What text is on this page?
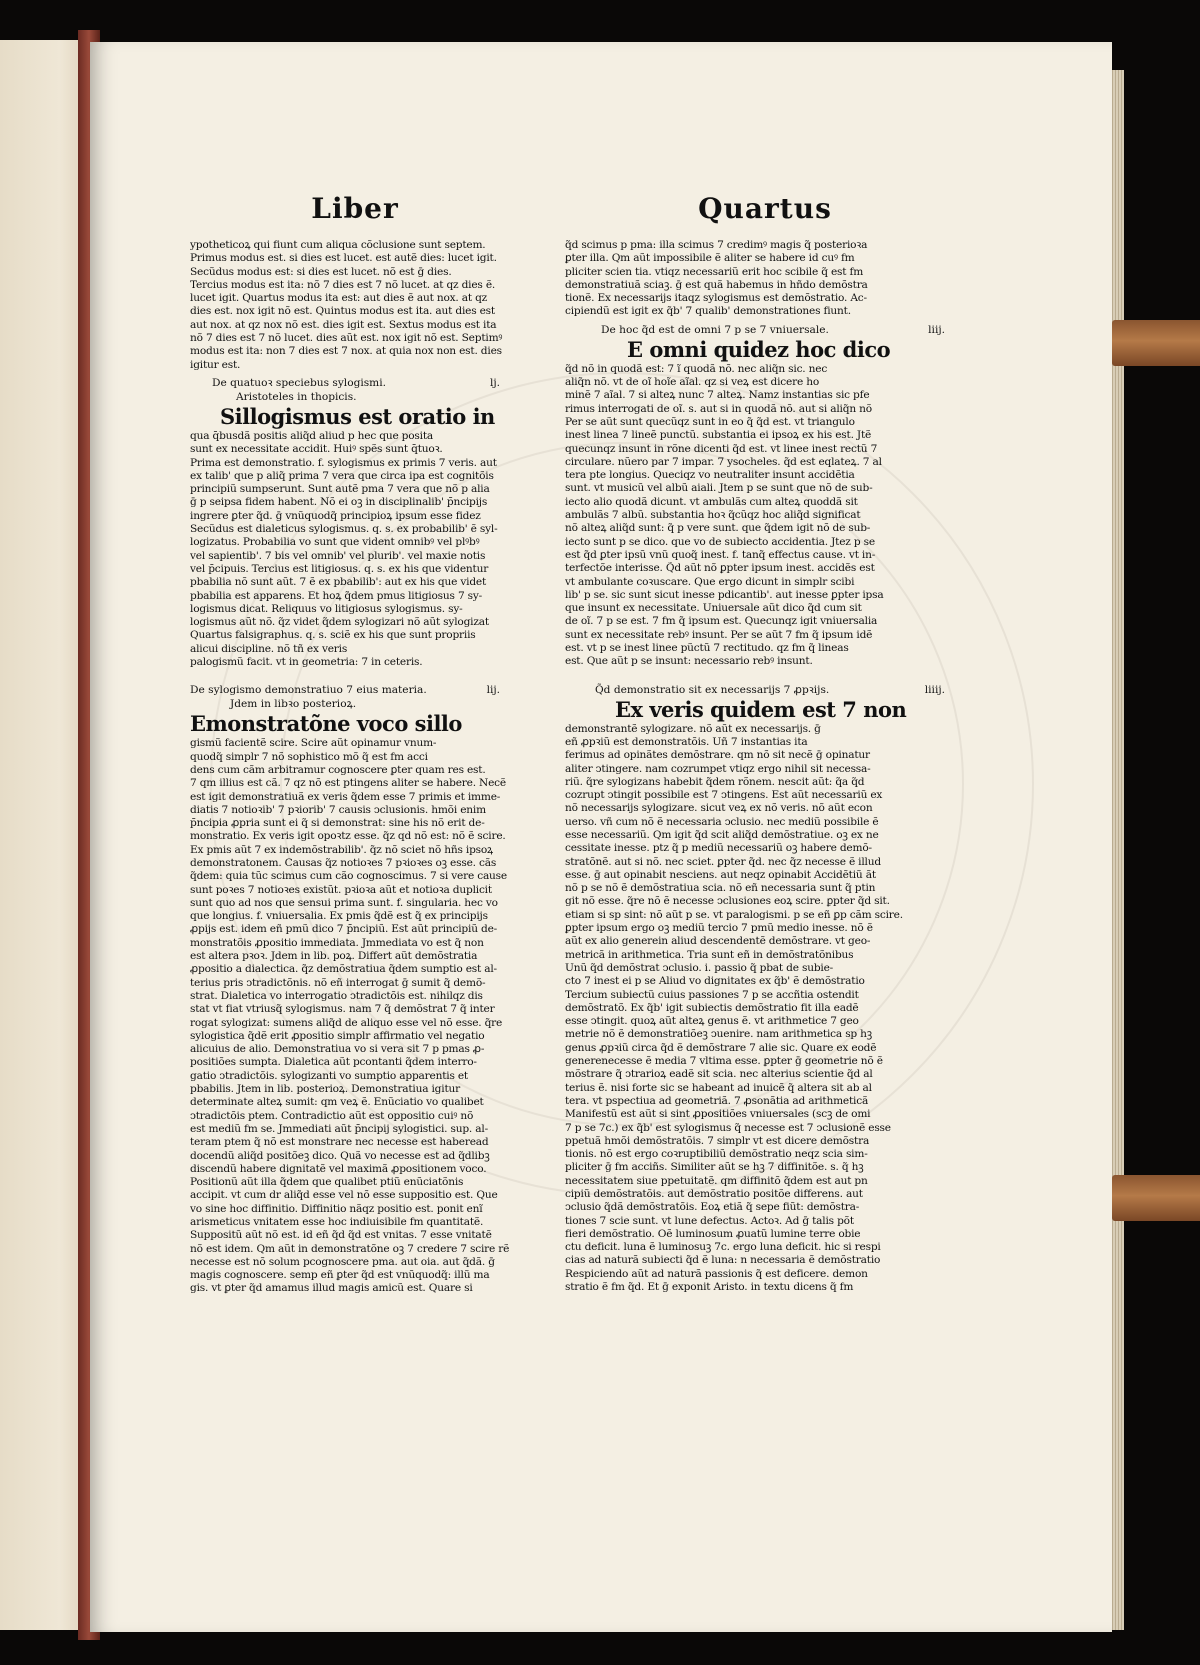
Liber
ypotheticoꝝ qui fiunt cum aliqua cõclusione sunt septem.
Primus modus est. si dies est lucet. est autẽ dies: lucet igit.
Secũdus modus est: si dies est lucet. nõ est ḡ dies.
Tercius modus est ita: nõ 7 dies est 7 nõ lucet. at qz dies ẽ.
lucet igit. Quartus modus ita est: aut dies ẽ aut nox. at qz
dies est. nox igit nõ est. Quintus modus est ita. aut dies est
aut nox. at qz nox nõ est. dies igit est. Sextus modus est ita
nõ 7 dies est 7 nõ lucet. dies aũt est. nox igit nõ est. Septimꝰ
modus est ita: non 7 dies est 7 nox. at quia nox non est. dies
igitur est.
De quatuoꝛ speciebus sylogismi.	lj.
Aristoteles in thopicis.
Sillogismus est oratio in
qua q̄busdã positis aliq̃d aliud p hec que posita
sunt ex necessitate accidit. Huiꝰ spẽs sunt q̄tuoꝛ.
Prima est demonstratio. f. sylogismus ex primis 7 veris. aut
ex talib' que p aliq̃ prima 7 vera que circa ipa est cognitõis
principiũ sumpserunt. Sunt autẽ pma 7 vera que nõ p alia
ḡ p seipsa fidem habent. Nõ ei oꝫ in disciplinalib' p̄ncipijs
ingrere ꝑter q̃d. ḡ vnũquodq̃ principioꝝ ipsum esse fidez
Secũdus est dialeticus sylogismus. q. s. ex probabilib' ẽ syl-
logizatus. Probabilia vo sunt que vident omnibꝰ vel plꝰbꝰ
vel sapientib'. 7 bis vel omnib' vel plurib'. vel maxie notis
vel p̄cipuis. Tercius est litigiosus. q. s. ex his que videntur
pbabilia nõ sunt aũt. 7 ẽ ex pbabilib': aut ex his que videt
pbabilia est apparens. Et hoꝝ q̃dem pmus litigiosus 7 sy-
logismus dicat. Reliquus vo litigiosus sylogismus. sy-
logismus aũt nõ. q̃z videt q̃dem sylogizari nõ aũt sylogizat
Quartus falsigraphus. q. s. sciẽ ex his que sunt propriis
alicui discipline. nõ tñ ex veris
palogismũ facit. vt in geometria: 7 in ceteris.
De sylogismo demonstratiuo 7 eius materia.	lij.
Jdem in libꝛo posterioꝝ.
Emonstratõne voco sillo
gismũ facientẽ scire. Scire aũt opinamur vnum-
quodq̃ simplr 7 nõ sophistico mõ q̃ est fm acci
dens cum cãm arbitramur cognoscere ꝑter quam res est.
7 qm illius est cã. 7 qz nõ est ptingens aliter se habere. Necẽ
est igit demonstratiuã ex veris q̃dem esse 7 primis et imme-
diatis 7 notioꝛib' 7 pꝛiorib' 7 causis ↄclusionis. hmõi enim
p̄ncipia ꝓpria sunt ei q̃ si demonstrat: sine his nõ erit de-
monstratio. Ex veris igit opoꝛtz esse. q̃z qd nõ est: nõ ẽ scire.
Ex pmis aũt 7 ex indemõstrabilib'. q̃z nõ sciet nõ hñs ipsoꝝ
demonstratonem. Causas q̃z notioꝛes 7 pꝛioꝛes oꝫ esse. cãs
q̃dem: quia tũc scimus cum cão cognoscimus. 7 si vere cause
sunt poꝛes 7 notioꝛes existũt. pꝛioꝛa aũt et notioꝛa dupliciṫ
sunt quo ad nos que sensui prima sunt. f. singularia. hec vo
que longius. f. vniuersalia. Ex pmis q̃dẽ est q̃ ex principijs
ꝓpijs est. idem eñ pmũ dico 7 p̄ncipiũ. Est aũt principiũ de-
monstratõis ꝓpositio immediata. Jmmediata vo est q̃ non
est altera pꝛoꝛ. Jdem in lib. poꝝ. Differt aũt demõstratia
ꝓpositio a dialectica. q̃z demõstratiua q̃dem sumptio est al-
terius pris ↄtradictõnis. nõ eñ interrogat ḡ sumit q̃ demõ-
strat. Dialetica vo interrogatio ↄtradictõis est. nihilqz dis
stat vt fiat vtriusq̃ sylogismus. nam 7 q̃ demõstrat 7 q̃ inter
rogat sylogizat: sumens aliq̃d de aliquo esse vel nõ esse. q̃re
sylogistica q̃dẽ erit ꝓpositio simplr affirmatio vel negatio
alicuius de alio. Demonstratiua vo si vera sit 7 p pmas ꝓ-
positiões sumpta. Dialetica aũt pcontanti q̃dem interro-
gatio ↄtradictõis. sylogizanti vo sumptio apparentis et
pbabilis. Jtem in lib. posterioꝝ. Demonstratiua igitur
determinate alteꝝ sumit: qm veꝝ ẽ. Enũciatio vo qualibet
ↄtradictõis ptem. Contradictio aũt est oppositio cuiꝰ nõ
est mediũ fm se. Jmmediati aũt p̄ncipij sylogistici. sup. al-
teram ptem q̃ nõ est monstrare nec necesse est haberead
docendũ aliq̃d positõeꝫ dico. Quã vo necesse est ad q̃dlibꝫ
discendũ habere dignitatẽ vel maximã ꝓpositionem voco.
Positionũ aũt illa q̃dem que qualibet ptiũ enũciatõnis
accipit. vt cum dr aliq̃d esse vel nõ esse suppositio est. Que
vo sine hoc diffinitio. Diffinitio nãqz positio est. ponit enĩ
arismeticus vnitatem esse hoc indiuisibile fm quantitatẽ.
Suppositũ aũt nõ est. id eñ q̃d q̃d est vnitas. 7 esse vnitatẽ
nõ est idem. Qm aũt in demonstratõne oꝫ 7 credere 7 scire rẽ
necesse est nõ solum pcognoscere pma. aut oia. aut q̃dã. ḡ
magis cognoscere. semp eñ ꝑter q̃d est vnũquodq̃: illũ ma
gis. vt ꝑter q̃d amamus illud magis amicũ est. Quare si
Quartus
q̃d scimus p pma: illa scimus 7 credimꝰ magis q̃ posterioꝛa
ꝑter illa. Qm aũt impossibile ẽ aliter se habere id cuꝰ fm
pliciter scien tia. vtiqz necessariũ erit hoc scibile q̃ est fm
demonstratiuã sciaꝫ. ḡ est quã habemus in hñdo demõstra
tionẽ. Ex necessarijs itaqz sylogismus est demõstratio. Ac-
cipiendũ est igit ex q̃b' 7 qualib' demonstrationes fiunt.
De hoc q̃d est de omni 7 p se 7 vniuersale.	liij.
E omni quidez hoc dico
q̃d nõ in quodã est: 7 ĩ quodã nõ. nec aliq̃n sic. nec
aliq̃n nõ. vt de oĩ hoĩe aĩal. qz si veꝝ est dicere ho
minẽ 7 aĩal. 7 si alteꝝ nunc 7 alteꝝ. Namz instantias sic pfe
rimus interrogati de oĩ. s. aut si in quodã nõ. aut si aliq̃n nõ
Per se aũt sunt quecũqz sunt in eo q̃ q̃d est. vt triangulo
inest linea 7 lineẽ punctũ. substantia ei ipsoꝝ ex his est. Jtẽ
quecunqz insunt in rõne dicenti q̃d est. vt linee inest rectũ 7
circulare. nũero par 7 impar. 7 ysocheles. q̃d est eqlateꝝ. 7 al
tera pte longius. Queciqz vo neutraliter insunt accidẽtia
sunt. vt musicũ vel albũ aiali. Jtem p se sunt que nõ de sub-
iecto alio quodã dicunt. vt ambulãs cum alteꝝ quoddã sit
ambulãs 7 albũ. substantia hoꝛ q̃cũqz hoc aliq̃d significat
nõ alteꝝ aliq̃d sunt: q̃ p vere sunt. que q̃dem igit nõ de sub-
iecto sunt p se dico. que vo de subiecto accidentia. Jtez p se
est q̃d ꝑter ipsũ vnũ quoq̃ inest. f. tanq̃ effectus cause. vt in-
terfectõe interisse. Q̃d aũt nõ ꝑpter ipsum inest. accidẽs est
vt ambulante coꝛuscare. Que ergo dicunt in simplr scibi
lib' p se. sic sunt sicut inesse pdicantib'. aut inesse ꝑpter ipsa
que insunt ex necessitate. Uniuersale aũt dico q̃d cum sit
de oĩ. 7 p se est. 7 fm q̃ ipsum est. Quecunqz igit vniuersalia
sunt ex necessitate rebꝰ insunt. Per se aũt 7 fm q̃ ipsum idẽ
est. vt p se inest linee pũctũ 7 rectitudo. qz fm q̃ lineas
est. Que aũt p se insunt: necessario rebꝰ insunt.
Q̃d demonstratio sit ex necessarijs 7 ꝓpꝛijs.	liiij.
Ex veris quidem est 7 non
demonstrantẽ sylogizare. nõ aũt ex necessarijs. ḡ
eñ ꝓpꝛiũ est demonstratõis. Uñ 7 instantias ita
ferimus ad opinãtes demõstrare. qm nõ sit necẽ ḡ opinatur
aliter ↄtingere. nam cozrumpet vtiqz ergo nihil sit necessa-
riũ. q̃re sylogizans habebit q̃dem rõnem. nescit aũt: q̃a q̃d
cozrupt ↄtingit possibile est 7 ↄtingens. Est aũt necessariũ ex
nõ necessarijs sylogizare. sicut veꝝ ex nõ veris. nõ aũt econ
uerso. vñ cum nõ ẽ necessaria ↄclusio. nec mediũ possibile ẽ
esse necessariũ. Qm igit q̃d scit aliq̃d demõstratiue. oꝫ ex ne
cessitate inesse. ptz q̃ p mediũ necessariũ oꝫ habere demõ-
stratõnẽ. aut si nõ. nec sciet. ꝑpter q̃d. nec q̃z necesse ẽ illud
esse. ḡ aut opinabit nesciens. aut neqz opinabit Accidẽtiũ ãt
nõ p se nõ ẽ demõstratiua scia. nõ eñ necessaria sunt q̃ ptin
git nõ esse. q̃re nõ ẽ necesse ↄclusiones eoꝝ scire. ꝑpter q̃d sit.
etiam si sp sint: nõ aũt p se. vt paralogismi. p se eñ ꝑp cãm scire.
ꝑpter ipsum ergo oꝫ mediũ tercio 7 pmũ medio inesse. nõ ẽ
aũt ex alio generein aliud descendentẽ demõstrare. vt geo-
metricã in arithmetica. Tria sunt eñ in demõstratõnibus
Unũ q̃d demõstrat ↄclusio. i. passio q̃ pbat de subie-
cto 7 inest ei p se Aliud vo dignitates ex q̃b' ẽ demõstratio
Tercium subiectũ cuius passiones 7 p se accñtia ostendit
demõstratõ. Ex q̃b' igit subiectis demõstratio fit illa eadẽ
esse ↄtingit. quoꝝ aũt alteꝝ genus ẽ. vt arithmetice 7 geo
metrie nõ ẽ demonstratiõeꝫ ↄuenire. nam arithmetica sp hꝫ
genus ꝓpꝛiũ circa q̃d ẽ demõstrare 7 alie sic. Quare ex eodẽ
generenecesse ẽ media 7 vltima esse. ꝑpter ḡ geometrie nõ ẽ
mõstrare q̃ ↄtrarioꝝ eadẽ sit scia. nec alterius scientie q̃d al
terius ẽ. nisi forte sic se habeant ad inuicẽ q̃ altera sit ab al
tera. vt pspectiua ad geometriã. 7 ꝓsonãtia ad arithmeticã
Manifestũ est aũt si sint ꝓpositiões vniuersales (scꝫ de omi
7 p se 7c.) ex q̃b' est sylogismus q̃ necesse est 7 ↄclusionẽ esse
ppetuã hmõi demõstratõis. 7 simplr vt est dicere demõstra
tionis. nõ est ergo coꝛruptibiliũ demõstratio neqz scia sim-
pliciter ḡ fm acciñs. Similiter aũt se hꝫ 7 diffinitõe. s. q̃ hꝫ
necessitatem siue ppetuitatẽ. qm diffinitõ q̃dem est aut pn
cipiũ demõstratõis. aut demõstratio positõe differens. aut
ↄclusio q̃dã demõstratõis. Eoꝝ etiã q̃ sepe fiũt: demõstra-
tiones 7 scie sunt. vt lune defectus. Actoꝛ. Ad ḡ talis põt
fieri demõstratio. Oẽ luminosum ꝓuatũ lumine terre obie
ctu deficit. luna ẽ luminosuꝫ 7c. ergo luna deficit. hic si respi
cias ad naturã subiecti q̃d ẽ luna: n necessaria ẽ demõstratio
Respiciendo aũt ad naturã passionis q̃ est deficere. demon
stratio ẽ fm q̃d. Et ḡ exponit Aristo. in textu dicens q̃ fm
